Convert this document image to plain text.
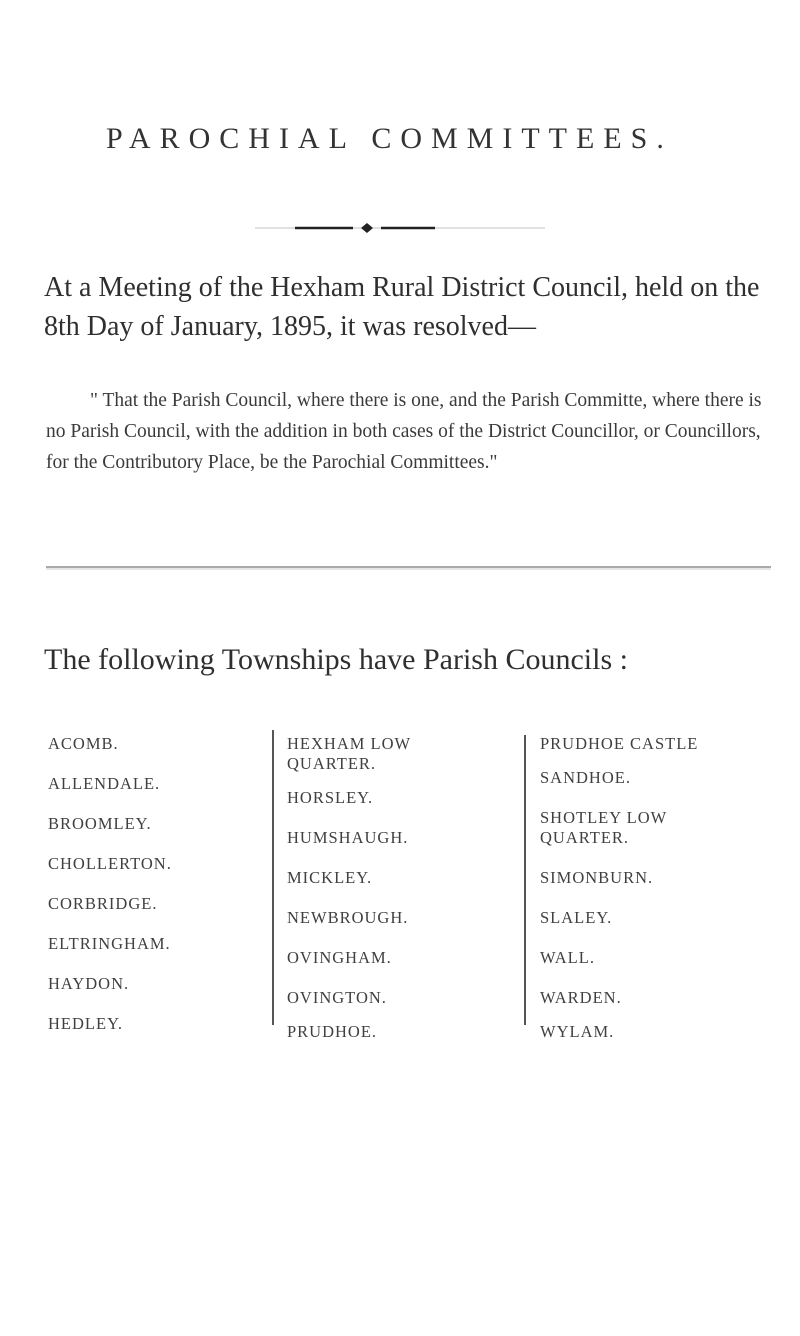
PAROCHIAL COMMITTEES.

At a Meeting of the Hexham Rural District Council, held on the 8th Day of January, 1895, it was resolved—

" That the Parish Council, where there is one, and the Parish Committe, where there is no Parish Council, with the addition in both cases of the District Councillor, or Councillors, for the Contributory Place, be the Parochial Committees."

The following Townships have Parish Councils :
ACOMB.
ALLENDALE.
BROOMLEY.
CHOLLERTON.
CORBRIDGE.
ELTRINGHAM.
HAYDON.
HEDLEY.
HEXHAM LOW
QUARTER.
HORSLEY.
HUMSHAUGH.
MICKLEY.
NEWBROUGH.
OVINGHAM.
OVINGTON.
PRUDHOE.
PRUDHOE CASTLE
SANDHOE.
SHOTLEY LOW
QUARTER.
SIMONBURN.
SLALEY.
WALL.
WARDEN.
WYLAM.
